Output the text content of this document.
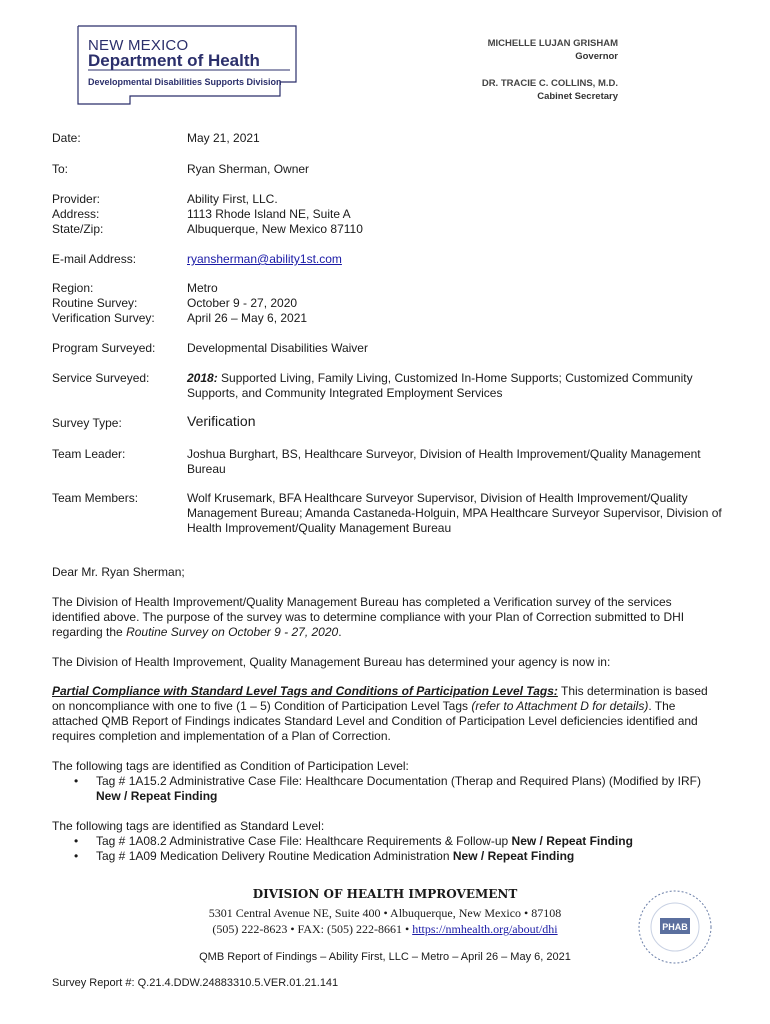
NEW MEXICO
Department of Health
Developmental Disabilities Supports Division
MICHELLE LUJAN GRISHAM
Governor
DR. TRACIE C. COLLINS, M.D.
Cabinet Secretary
Date:	May 21, 2021
To:	Ryan Sherman, Owner
Provider:	Ability First, LLC.
Address:	1113 Rhode Island NE, Suite A
State/Zip:	Albuquerque, New Mexico 87110
E-mail Address:	ryansherman@ability1st.com
Region:	Metro
Routine Survey:	October 9 - 27, 2020
Verification Survey:	April 26 – May 6, 2021
Program Surveyed:	Developmental Disabilities Waiver
Service Surveyed:	2018: Supported Living, Family Living, Customized In-Home Supports; Customized Community Supports, and Community Integrated Employment Services
Survey Type:	Verification
Team Leader:	Joshua Burghart, BS, Healthcare Surveyor, Division of Health Improvement/Quality Management Bureau
Team Members:	Wolf Krusemark, BFA Healthcare Surveyor Supervisor, Division of Health Improvement/Quality Management Bureau; Amanda Castaneda-Holguin, MPA Healthcare Surveyor Supervisor, Division of Health Improvement/Quality Management Bureau
Dear Mr. Ryan Sherman;
The Division of Health Improvement/Quality Management Bureau has completed a Verification survey of the services identified above. The purpose of the survey was to determine compliance with your Plan of Correction submitted to DHI regarding the Routine Survey on October 9 - 27, 2020.
The Division of Health Improvement, Quality Management Bureau has determined your agency is now in:
Partial Compliance with Standard Level Tags and Conditions of Participation Level Tags: This determination is based on noncompliance with one to five (1 – 5) Condition of Participation Level Tags (refer to Attachment D for details). The attached QMB Report of Findings indicates Standard Level and Condition of Participation Level deficiencies identified and requires completion and implementation of a Plan of Correction.
The following tags are identified as Condition of Participation Level:
• Tag # 1A15.2 Administrative Case File: Healthcare Documentation (Therap and Required Plans) (Modified by IRF) New / Repeat Finding
The following tags are identified as Standard Level:
• Tag # 1A08.2 Administrative Case File: Healthcare Requirements & Follow-up New / Repeat Finding
• Tag # 1A09 Medication Delivery Routine Medication Administration New / Repeat Finding
DIVISION OF HEALTH IMPROVEMENT
5301 Central Avenue NE, Suite 400 • Albuquerque, New Mexico • 87108
(505) 222-8623 • FAX: (505) 222-8661 • https://nmhealth.org/about/dhi	PHAB
QMB Report of Findings – Ability First, LLC – Metro – April 26 – May 6, 2021
Survey Report #: Q.21.4.DDW.24883310.5.VER.01.21.141
